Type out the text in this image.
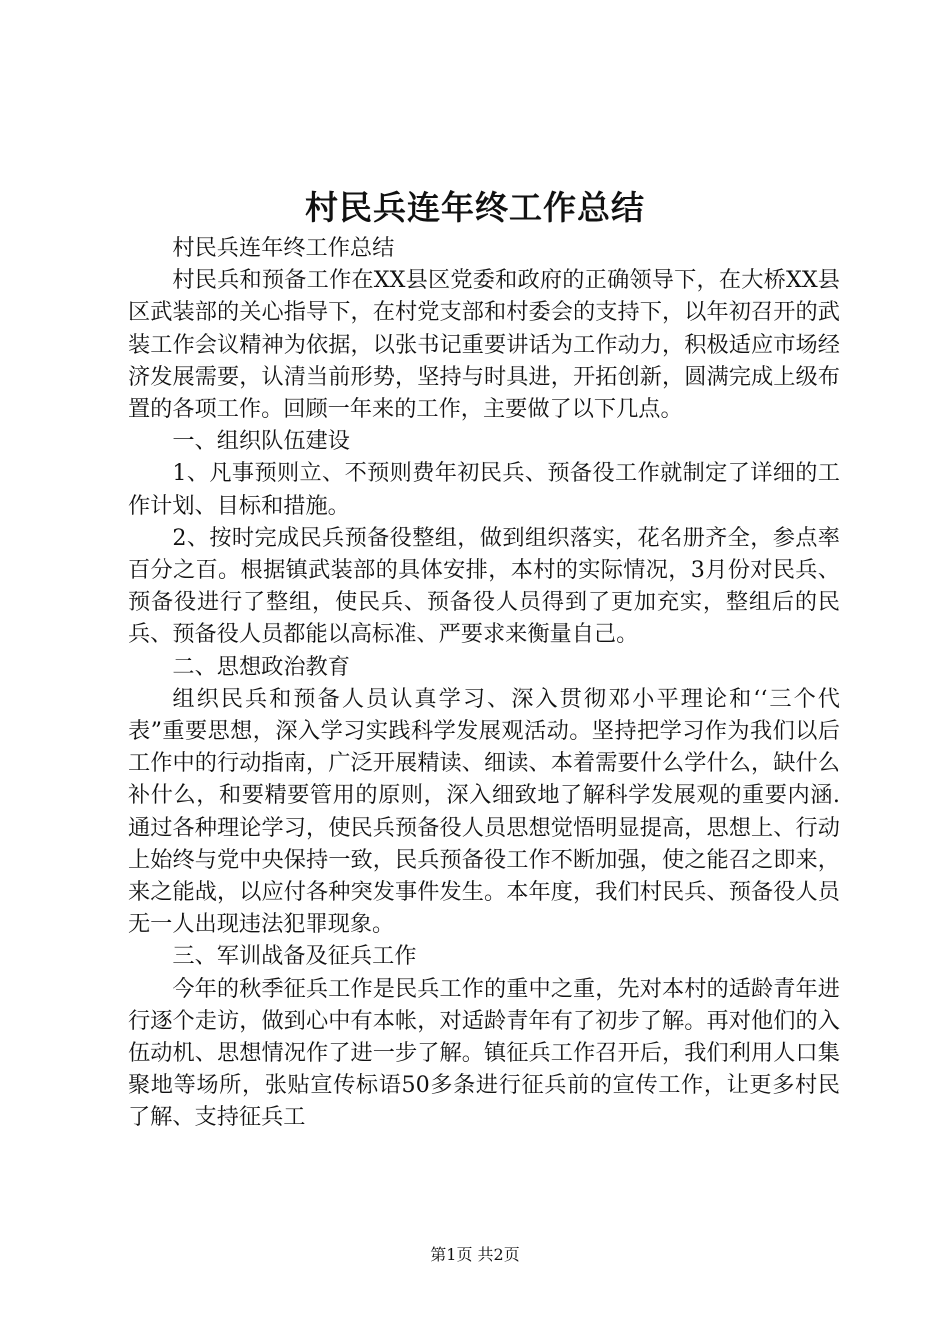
村民兵连年终工作总结

村民兵连年终工作总结

村民兵和预备工作在XX县区党委和政府的正确领导下，在大桥XX县区武装部的关心指导下，在村党支部和村委会的支持下，以年初召开的武装工作会议精神为依据，以张书记重要讲话为工作动力，积极适应市场经济发展需要，认清当前形势，坚持与时具进，开拓创新，圆满完成上级布置的各项工作。回顾一年来的工作，主要做了以下几点。

一、组织队伍建设

1、凡事预则立、不预则费年初民兵、预备役工作就制定了详细的工作计划、目标和措施。

2、按时完成民兵预备役整组，做到组织落实，花名册齐全，参点率百分之百。根据镇武装部的具体安排，本村的实际情况，3月份对民兵、预备役进行了整组，使民兵、预备役人员得到了更加充实，整组后的民兵、预备役人员都能以高标准、严要求来衡量自己。

二、思想政治教育

组织民兵和预备人员认真学习、深入贯彻邓小平理论和‘‘三个代表”重要思想，深入学习实践科学发展观活动。坚持把学习作为我们以后工作中的行动指南，广泛开展精读、细读、本着需要什么学什么，缺什么补什么，和要精要管用的原则，深入细致地了解科学发展观的重要内涵.通过各种理论学习，使民兵预备役人员思想觉悟明显提高，思想上、行动上始终与党中央保持一致，民兵预备役工作不断加强，使之能召之即来，来之能战，以应付各种突发事件发生。本年度，我们村民兵、预备役人员无一人出现违法犯罪现象。

三、军训战备及征兵工作

今年的秋季征兵工作是民兵工作的重中之重，先对本村的适龄青年进行逐个走访，做到心中有本帐，对适龄青年有了初步了解。再对他们的入伍动机、思想情况作了进一步了解。镇征兵工作召开后，我们利用人口集聚地等场所，张贴宣传标语50多条进行征兵前的宣传工作，让更多村民了解、支持征兵工

第1页 共2页
